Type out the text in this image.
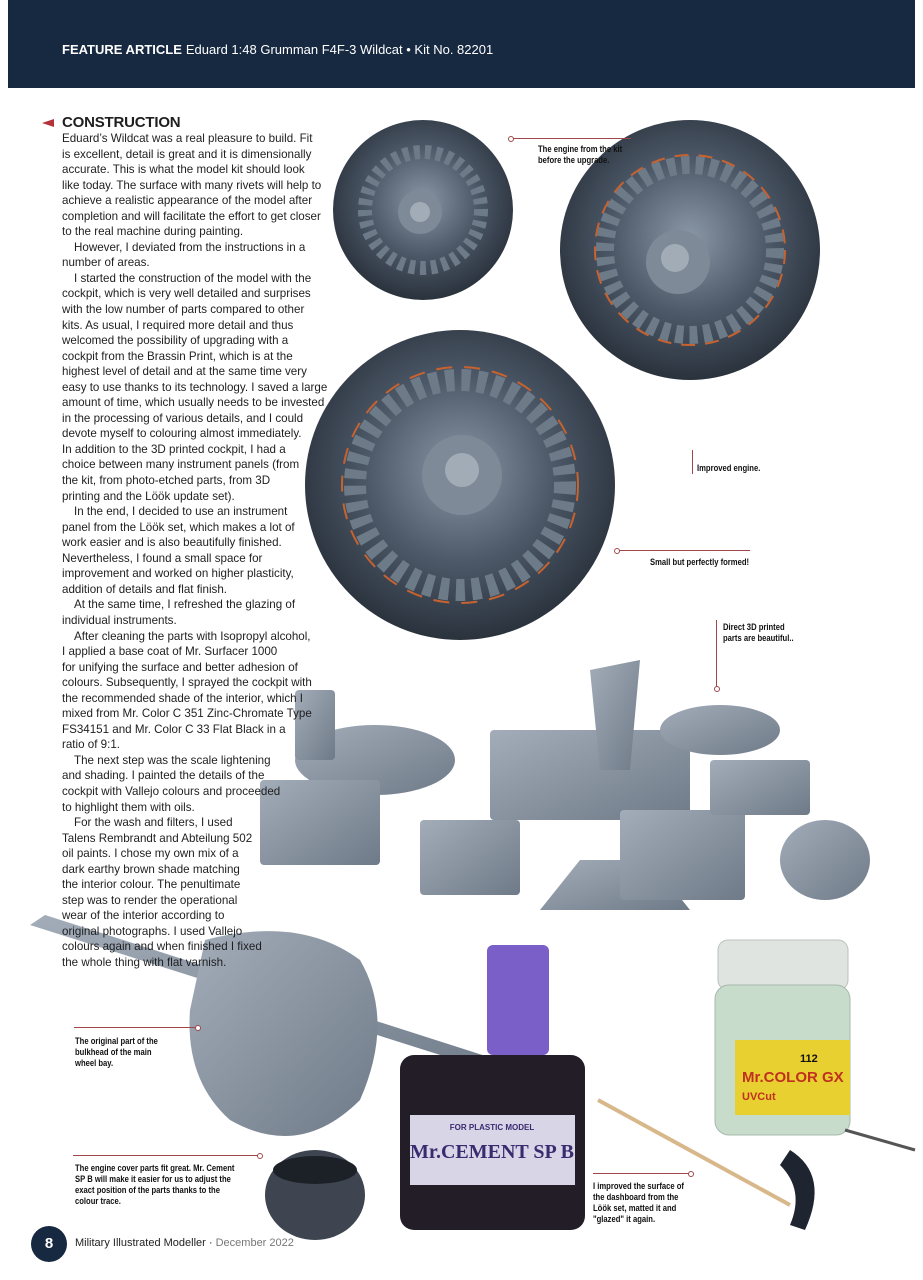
FEATURE ARTICLE Eduard 1:48 Grumman F4F-3 Wildcat • Kit No. 82201
FOR PLASTIC MODEL
Mr.CEMENT SP B
112
Mr.COLOR GX
UVCut
CONSTRUCTION
Eduard’s Wildcat was a real pleasure to build. Fit
is excellent, detail is great and it is dimensionally
accurate. This is what the model kit should look
like today. The surface with many rivets will help to
achieve a realistic appearance of the model after
completion and will facilitate the effort to get closer
to the real machine during painting.
However, I deviated from the instructions in a
number of areas.
I started the construction of the model with the
cockpit, which is very well detailed and surprises
with the low number of parts compared to other
kits. As usual, I required more detail and thus
welcomed the possibility of upgrading with a
cockpit from the Brassin Print, which is at the
highest level of detail and at the same time very
easy to use thanks to its technology. I saved a large
amount of time, which usually needs to be invested
in the processing of various details, and I could
devote myself to colouring almost immediately.
In addition to the 3D printed cockpit, I had a
choice between many instrument panels (from
the kit, from photo-etched parts, from 3D
printing and the Löök update set).
In the end, I decided to use an instrument
panel from the Löök set, which makes a lot of
work easier and is also beautifully finished.
Nevertheless, I found a small space for
improvement and worked on higher plasticity,
addition of details and flat finish.
At the same time, I refreshed the glazing of
individual instruments.
After cleaning the parts with Isopropyl alcohol,
I applied a base coat of Mr. Surfacer 1000
for unifying the surface and better adhesion of
colours. Subsequently, I sprayed the cockpit with
the recommended shade of the interior, which I
mixed from Mr. Color C 351 Zinc-Chromate Type
FS34151 and Mr. Color C 33 Flat Black in a
ratio of 9:1.
The next step was the scale lightening
and shading. I painted the details of the
cockpit with Vallejo colours and proceeded
to highlight them with oils.
For the wash and filters, I used
Talens Rembrandt and Abteilung 502
oil paints. I chose my own mix of a
dark earthy brown shade matching
the interior colour. The penultimate
step was to render the operational
wear of the interior according to
original photographs. I used Vallejo
colours again and when finished I fixed
the whole thing with flat varnish.
The engine from the kit
before the upgrade.
Improved engine.
Small but perfectly formed!
Direct 3D printed
parts are beautiful..
The original part of the
bulkhead of the main
wheel bay.
The engine cover parts fit great. Mr. Cement
SP B will make it easier for us to adjust the
exact position of the parts thanks to the
colour trace.
I improved the surface of
the dashboard from the
Löök set, matted it and
"glazed" it again.
8	Military Illustrated Modeller · December 2022
